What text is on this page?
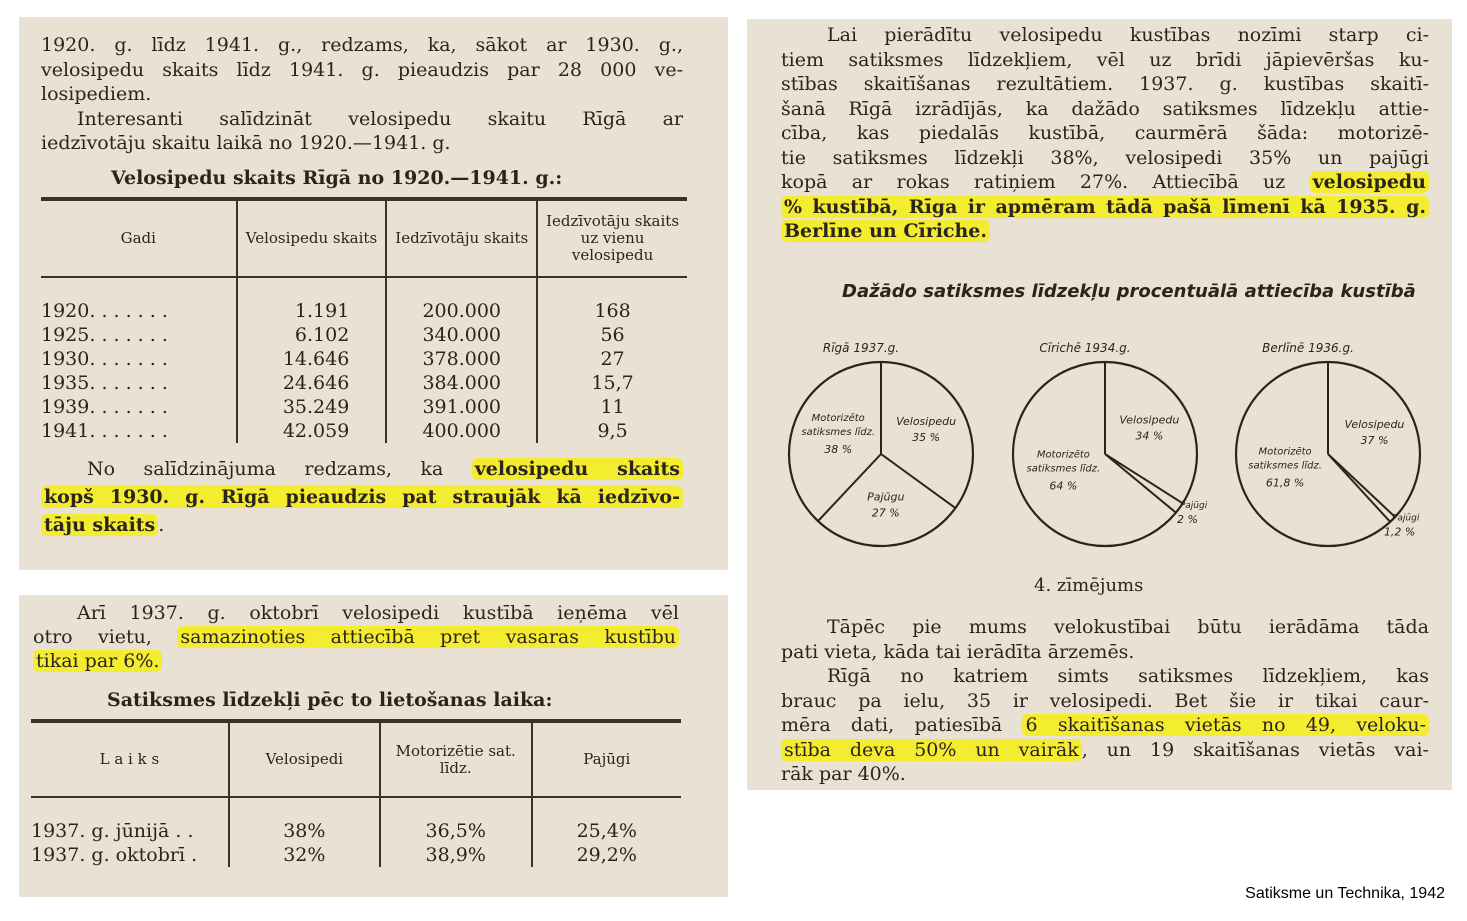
1920. g. līdz 1941. g., redzams, ka, sākot ar 1930. g.,
velosipedu skaits līdz 1941. g. pieaudzis par 28 000 ve-
losipediem.
Interesanti salīdzināt velosipedu skaitu Rīgā ar
iedzīvotāju skaitu laikā no 1920.—1941. g.
Velosipedu skaits Rīgā no 1920.—1941. g.:
Gadi	Velosipedu skaits	Iedzīvotāju skaits	Iedzīvotāju skaits uz vienu velosipedu

1920. . . . . . .	1.191	200.000	168
1925. . . . . . .	6.102	340.000	56
1930. . . . . . .	14.646	378.000	27
1935. . . . . . .	24.646	384.000	15,7
1939. . . . . . .	35.249	391.000	11
1941. . . . . . .	42.059	400.000	9,5
No salīdzinājuma redzams, ka velosipedu skaits
kopš 1930. g. Rīgā pieaudzis pat straujāk kā iedzīvo-
tāju skaits .
Arī 1937. g. oktobrī velosipedi kustībā ieņēma vēl
otro vietu, samazinoties attiecībā pret vasaras kustību
tikai par 6%.
Satiksmes līdzekļi pēc to lietošanas laika:
L a i k s	Velosipedi	Motorizētie sat. līdz.	Pajūgi

1937. g. jūnijā . .	38%	36,5%	25,4%
1937. g. oktobrī .	32%	38,9%	29,2%
Lai pierādītu velosipedu kustības nozīmi starp ci-
tiem satiksmes līdzekļiem, vēl uz brīdi jāpievēršas ku-
stības skaitīšanas rezultātiem. 1937. g. kustības skaitī-
šanā Rīgā izrādījās, ka dažādo satiksmes līdzekļu attie-
cība, kas piedalās kustībā, caurmērā šāda: motorizē-
tie satiksmes līdzekļi 38%, velosipedi 35% un pajūgi
kopā ar rokas ratiņiem 27%. Attiecībā uz velosipedu
% kustībā, Rīga ir apmēram tādā pašā līmenī kā 1935. g.
Berlīne un Cīriche.
Dažādo satiksmes līdzekļu procentuālā attiecība kustībā
Rīgā 1937.g.
Velosipedu
35 %
Pajūgu
27 %
Motorizēto
satiksmes līdz.
38 %
Cīrichē 1934.g.
Velosipedu
34 %
Pajūgi
2 %
Motorizēto
satiksmes līdz.
64 %
Berlīnē 1936.g.
Velosipedu
37 %
Pajūgi
1,2 %
Motorizēto
satiksmes līdz.
61,8 %
4. zīmējums
Tāpēc pie mums velokustībai būtu ierādāma tāda
pati vieta, kāda tai ierādīta ārzemēs.
Rīgā no katriem simts satiksmes līdzekļiem, kas
brauc pa ielu, 35 ir velosipedi. Bet šie ir tikai caur-
mēra dati, patiesībā 6 skaitīšanas vietās no 49, veloku-
stība deva 50% un vairāk , un 19 skaitīšanas vietās vai-
rāk par 40%.
Satiksme un Technika, 1942
